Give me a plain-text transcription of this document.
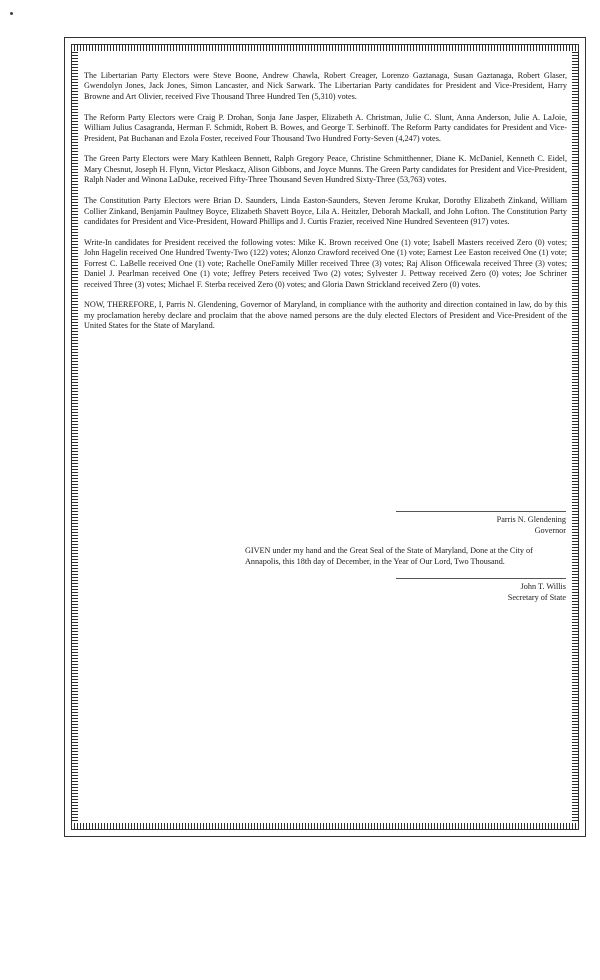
The Libertarian Party Electors were Steve Boone, Andrew Chawla, Robert Creager, Lorenzo Gaztanaga, Susan Gaztanaga, Robert Glaser, Gwendolyn Jones, Jack Jones, Simon Lancaster, and Nick Sarwark. The Libertarian Party candidates for President and Vice-President, Harry Browne and Art Olivier, received Five Thousand Three Hundred Ten (5,310) votes.

The Reform Party Electors were Craig P. Drohan, Sonja Jane Jasper, Elizabeth A. Christman, Julie C. Slunt, Anna Anderson, Julie A. LaJoie, William Julius Casagranda, Herman F. Schmidt, Robert B. Bowes, and George T. Serbinoff. The Reform Party candidates for President and Vice-President, Pat Buchanan and Ezola Foster, received Four Thousand Two Hundred Forty-Seven (4,247) votes.

The Green Party Electors were Mary Kathleen Bennett, Ralph Gregory Peace, Christine Schmitthenner, Diane K. McDaniel, Kenneth C. Eidel, Mary Chesnut, Joseph H. Flynn, Victor Pleskacz, Alison Gibbons, and Joyce Munns. The Green Party candidates for President and Vice-President, Ralph Nader and Winona LaDuke, received Fifty-Three Thousand Seven Hundred Sixty-Three (53,763) votes.

The Constitution Party Electors were Brian D. Saunders, Linda Easton-Saunders, Steven Jerome Krukar, Dorothy Elizabeth Zinkand, William Collier Zinkand, Benjamin Paultney Boyce, Elizabeth Shavett Boyce, Lila A. Heitzler, Deborah Mackall, and John Lofton. The Constitution Party candidates for President and Vice-President, Howard Phillips and J. Curtis Frazier, received Nine Hundred Seventeen (917) votes.

Write-In candidates for President received the following votes: Mike K. Brown received One (1) vote; Isabell Masters received Zero (0) votes; John Hagelin received One Hundred Twenty-Two (122) votes; Alonzo Crawford received One (1) vote; Earnest Lee Easton received One (1) vote; Forrest C. LaBelle received One (1) vote; Rachelle OneFamily Miller received Three (3) votes; Raj Alison Officewala received Three (3) votes; Daniel J. Pearlman received One (1) vote; Jeffrey Peters received Two (2) votes; Sylvester J. Pettway received Zero (0) votes; Joe Schriner received Three (3) votes; Michael F. Sterba received Zero (0) votes; and Gloria Dawn Strickland received Zero (0) votes.

NOW, THEREFORE, I, Parris N. Glendening, Governor of Maryland, in compliance with the authority and direction contained in law, do by this my proclamation hereby declare and proclaim that the above named persons are the duly elected Electors of President and Vice-President of the United States for the State of Maryland.

GIVEN under my hand and the Great Seal of the State of Maryland, Done at the City of Annapolis, this 18th day of December, in the Year of Our Lord, Two Thousand.
Parris N. Glendening
Governor
John T. Willis
Secretary of State
